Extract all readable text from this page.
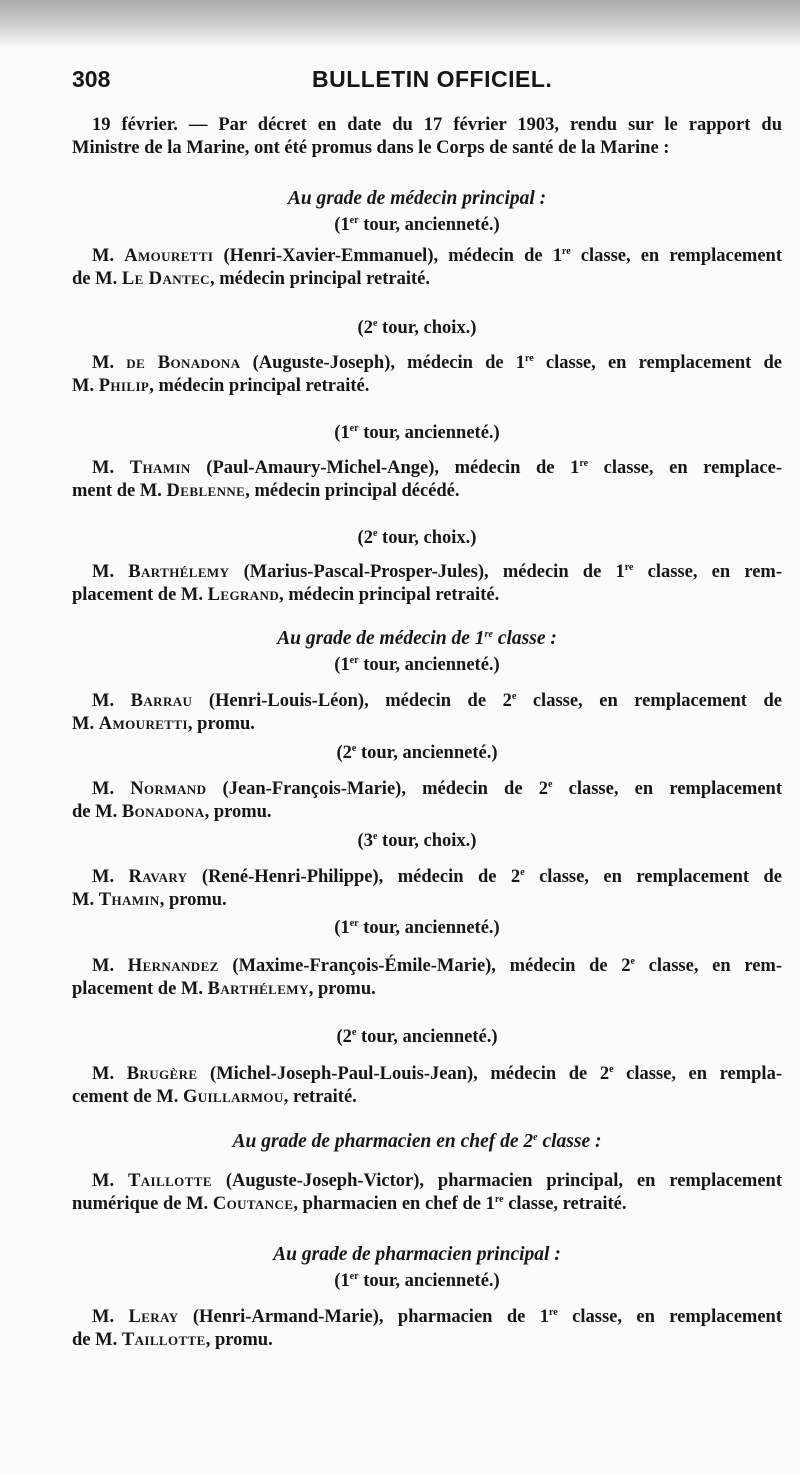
308	BULLETIN OFFICIEL.
19 février. — Par décret en date du 17 février 1903, rendu sur le rapport du
Ministre de la Marine, ont été promus dans le Corps de santé de la Marine :
Au grade de médecin principal :
(1er tour, ancienneté.)
M. Amouretti (Henri-Xavier-Emmanuel), médecin de 1re classe, en remplacement
de M. Le Dantec, médecin principal retraité.
(2e tour, choix.)
M. de Bonadona (Auguste-Joseph), médecin de 1re classe, en remplacement de
M. Philip, médecin principal retraité.
(1er tour, ancienneté.)
M. Thamin (Paul-Amaury-Michel-Ange), médecin de 1re classe, en remplace-
ment de M. Deblenne, médecin principal décédé.
(2e tour, choix.)
M. Barthélemy (Marius-Pascal-Prosper-Jules), médecin de 1re classe, en rem-
placement de M. Legrand, médecin principal retraité.
Au grade de médecin de 1re classe :
(1er tour, ancienneté.)
M. Barrau (Henri-Louis-Léon), médecin de 2e classe, en remplacement de
M. Amouretti, promu.
(2e tour, ancienneté.)
M. Normand (Jean-François-Marie), médecin de 2e classe, en remplacement
de M. Bonadona, promu.
(3e tour, choix.)
M. Ravary (René-Henri-Philippe), médecin de 2e classe, en remplacement de
M. Thamin, promu.
(1er tour, ancienneté.)
M. Hernandez (Maxime-François-Émile-Marie), médecin de 2e classe, en rem-
placement de M. Barthélemy, promu.
(2e tour, ancienneté.)
M. Brugère (Michel-Joseph-Paul-Louis-Jean), médecin de 2e classe, en rempla-
cement de M. Guillarmou, retraité.
Au grade de pharmacien en chef de 2e classe :
M. Taillotte (Auguste-Joseph-Victor), pharmacien principal, en remplacement
numérique de M. Coutance, pharmacien en chef de 1re classe, retraité.
Au grade de pharmacien principal :
(1er tour, ancienneté.)
M. Leray (Henri-Armand-Marie), pharmacien de 1re classe, en remplacement
de M. Taillotte, promu.
